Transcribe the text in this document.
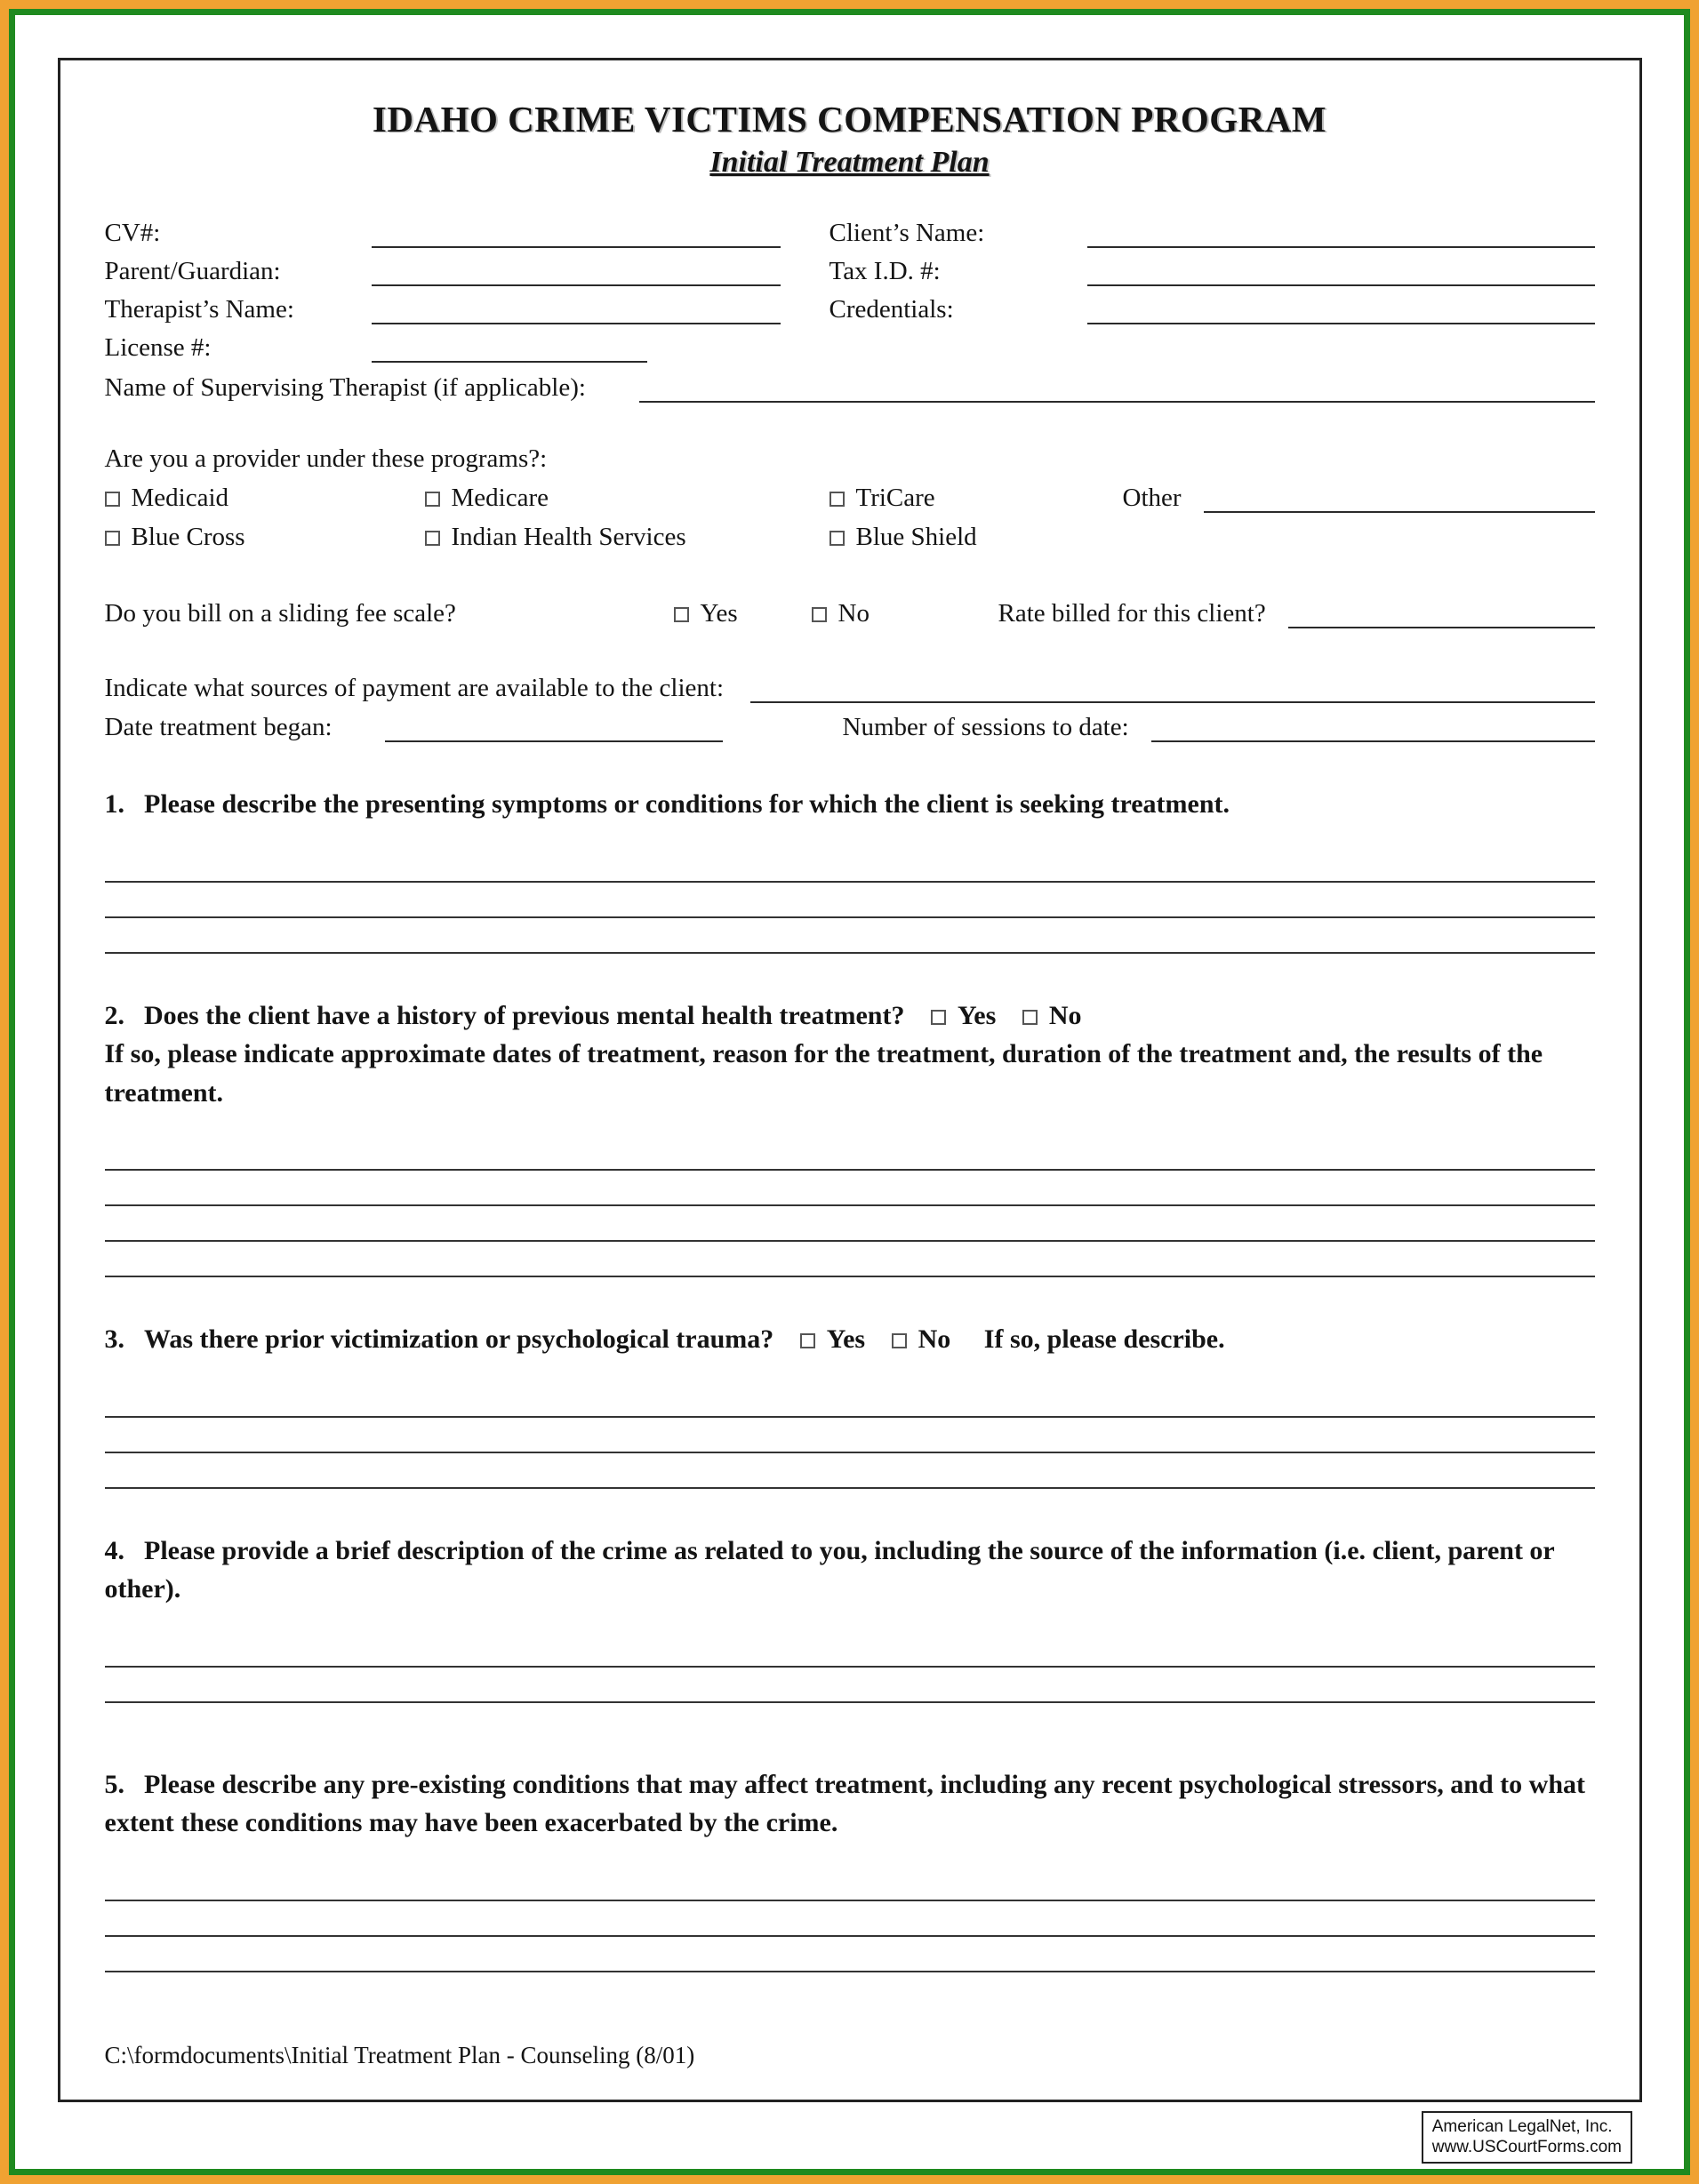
IDAHO CRIME VICTIMS COMPENSATION PROGRAM
Initial Treatment Plan
CV#:	Client’s Name:
Parent/Guardian:	Tax I.D. #:
Therapist’s Name:	Credentials:
License #:
Name of Supervising Therapist (if applicable):
Are you a provider under these programs?:
Medicaid	Medicare	TriCare	Other
Blue Cross	Indian Health Services	Blue Shield
Do you bill on a sliding fee scale?	Yes	No	Rate billed for this client?
Indicate what sources of payment are available to the client:
Date treatment began:	Number of sessions to date:

1. Please describe the presenting symptoms or conditions for which the client is seeking treatment.

2. Does the client have a history of previous mental health treatment? Yes No
If so, please indicate approximate dates of treatment, reason for the treatment, duration of the treatment and, the results of the treatment.

3. Was there prior victimization or psychological trauma? Yes No If so, please describe.

4. Please provide a brief description of the crime as related to you, including the source of the information (i.e. client, parent or other).

5. Please describe any pre-existing conditions that may affect treatment, including any recent psychological stressors, and to what extent these conditions may have been exacerbated by the crime.

C:\formdocuments\Initial Treatment Plan - Counseling (8/01)
American LegalNet, Inc.
www.USCourtForms.com
